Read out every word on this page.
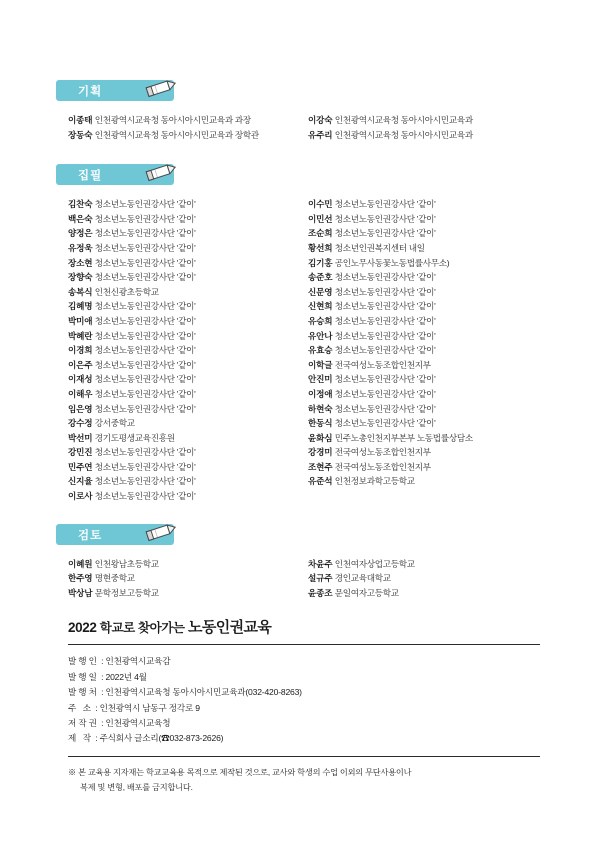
기획
이종태 인천광역시교육청 동아시아시민교육과 과장
장동숙 인천광역시교육청 동아시아시민교육과 장학관
이강숙 인천광역시교육청 동아시아시민교육과
유주리 인천광역시교육청 동아시아시민교육과
집필
김찬숙 청소년노동인권강사단 '같이'
백은숙 청소년노동인권강사단 '같이'
양정은 청소년노동인권강사단 '같이'
유정욱 청소년노동인권강사단 '같이'
장소현 청소년노동인권강사단 '같이'
장향숙 청소년노동인권강사단 '같이'
송복식 인천신광초등학교
김혜명 청소년노동인권강사단 '같이'
박미애 청소년노동인권강사단 '같이'
박혜란 청소년노동인권강사단 '같이'
이경희 청소년노동인권강사단 '같이'
이은주 청소년노동인권강사단 '같이'
이재성 청소년노동인권강사단 '같이'
이해우 청소년노동인권강사단 '같이'
임은영 청소년노동인권강사단 '같이'
강수정 강서중학교
박선미 경기도평생교육진흥원
강민진 청소년노동인권강사단 '같이'
민주연 청소년노동인권강사단 '같이'
신지율 청소년노동인권강사단 '같이'
이로사 청소년노동인권강사단 '같이'
이수민 청소년노동인권강사단 '같이'
이민선 청소년노동인권강사단 '같이'
조순희 청소년노동인권강사단 '같이'
황선희 청소년인권복지센터 내일
김기홍 공인노무사동꽃노동법률사무소)
송준호 청소년노동인권강사단 '같이'
신문영 청소년노동인권강사단 '같이'
신현희 청소년노동인권강사단 '같이'
유승희 청소년노동인권강사단 '같이'
유안나 청소년노동인권강사단 '같이'
유효승 청소년노동인권강사단 '같이'
이학글 전국여성노동조합인천지부
안진미 청소년노동인권강사단 '같이'
이정애 청소년노동인권강사단 '같이'
하현숙 청소년노동인권강사단 '같이'
한동식 청소년노동인권강사단 '같이'
윤화심 민주노총인천지부본부 노동법률상담소
강경미 전국여성노동조합인천지부
조현주 전국여성노동조합인천지부
유준석 인천정보과학고등학교
검토
이혜원 인천왕남초등학교
한주영 명현중학교
박상남 문학정보고등학교
차윤주 인천여자상업고등학교
설규주 경인교육대학교
윤종조 문일여자고등학교
2022 학교로 찾아가는 노동인권교육
발행인 : 인천광역시교육감
발행일 : 2022년 4월
발행처 : 인천광역시교육청 동아시아시민교육과(032-420-8263)
주 소 : 인천광역시 남동구 정각로 9
저작권 : 인천광역시교육청
제 작 : 주식회사 글소리(☎032-873-2626)
※ 본 교육용 지자재는 학교교육용 목적으로 제작된 것으로, 교사와 학생의 수업 이외의 무단사용이나
복제 및 변형, 배포를 금지합니다.
